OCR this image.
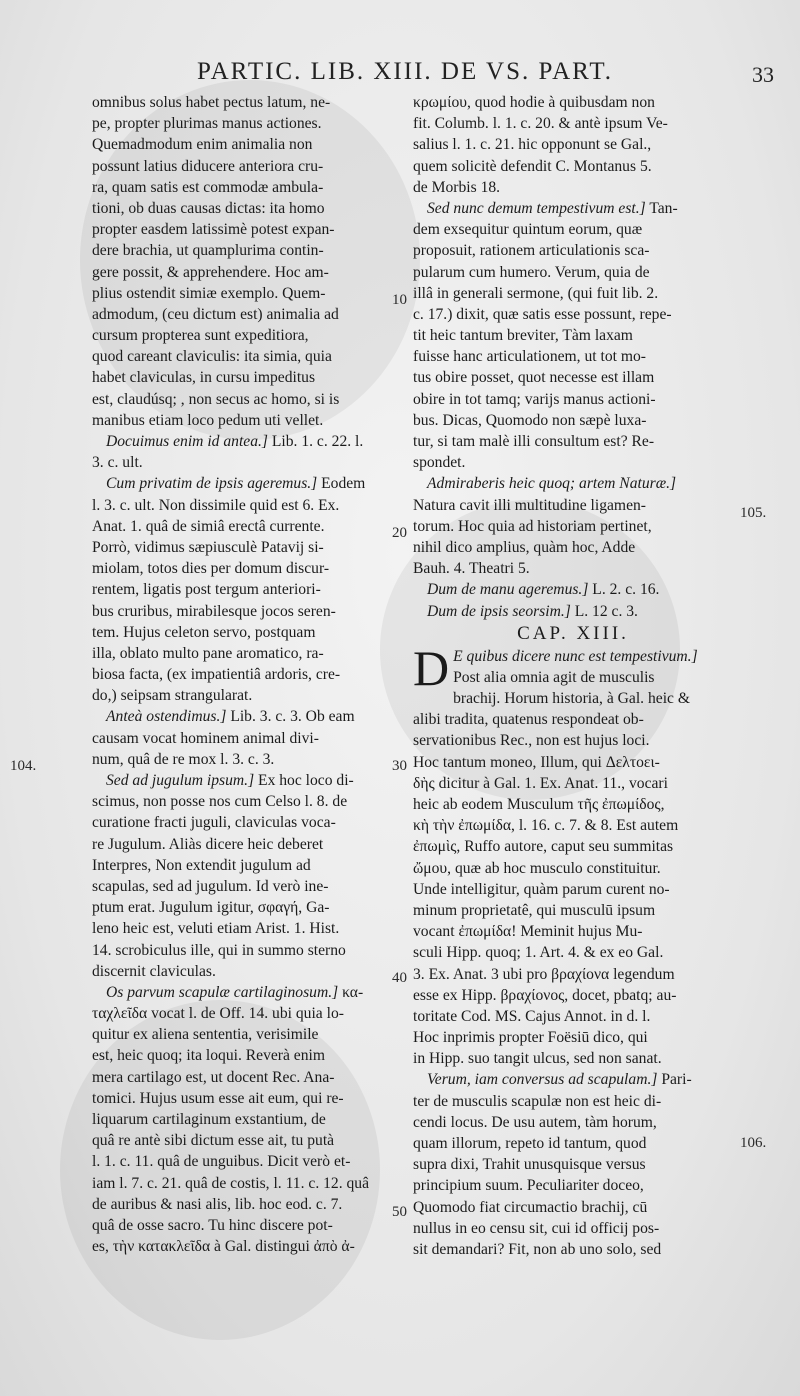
PARTIC. LIB. XIII. DE VS. PART.	33
omnibus solus habet pectus latum, ne-
pe, propter plurimas manus actiones.
Quemadmodum enim animalia non
possunt latius diducere anteriora cru-
ra, quam satis est commodæ ambula-
tioni, ob duas causas dictas: ita homo
propter easdem latissimè potest expan-
dere brachia, ut quamplurima contin-
gere possit, & apprehendere. Hoc am-
plius ostendit simiæ exemplo. Quem-
admodum, (ceu dictum est) animalia ad
cursum propterea sunt expeditiora,
quod careant claviculis: ita simia, quia
habet claviculas, in cursu impeditus
est, claudúsq; , non secus ac homo, si is
manibus etiam loco pedum uti vellet.
Docuimus enim id antea.] Lib. 1. c. 22. l.
3. c. ult.
Cum privatim de ipsis ageremus.] Eodem
l. 3. c. ult. Non dissimile quid est 6. Ex.
Anat. 1. quâ de simiâ erectâ currente.
Porrò, vidimus sæpiusculè Patavij si-
miolam, totos dies per domum discur-
rentem, ligatis post tergum anteriori-
bus cruribus, mirabilesque jocos seren-
tem. Hujus celeton servo, postquam
illa, oblato multo pane aromatico, ra-
biosa facta, (ex impatientiâ ardoris, cre-
do,) seipsam strangularat.
Anteà ostendimus.] Lib. 3. c. 3. Ob eam
causam vocat hominem animal divi-
num, quâ de re mox l. 3. c. 3.
Sed ad jugulum ipsum.] Ex hoc loco di-
scimus, non posse nos cum Celso l. 8. de
curatione fracti juguli, claviculas voca-
re Jugulum. Aliàs dicere heic deberet
Interpres, Non extendit jugulum ad
scapulas, sed ad jugulum. Id verò ine-
ptum erat. Jugulum igitur, σφαγή, Ga-
leno heic est, veluti etiam Arist. 1. Hist.
14. scrobiculus ille, qui in summo sterno
discernit claviculas.
Os parvum scapulæ cartilaginosum.] κα-
ταχλεῖδα vocat l. de Off. 14. ubi quia lo-
quitur ex aliena sententia, verisimile
est, heic quoq; ita loqui. Reverà enim
mera cartilago est, ut docent Rec. Ana-
tomici. Hujus usum esse ait eum, qui re-
liquarum cartilaginum exstantium, de
quâ re antè sibi dictum esse ait, tu putà
l. 1. c. 11. quâ de unguibus. Dicit verò et-
iam l. 7. c. 21. quâ de costis, l. 11. c. 12. quâ
de auribus & nasi alis, lib. hoc eod. c. 7.
quâ de osse sacro. Tu hinc discere pot-
es, τὴν κατακλεῖδα à Gal. distingui ἀπὸ ἀ-
κρωμίου, quod hodie à quibusdam non
fit. Columb. l. 1. c. 20. & antè ipsum Ve-
salius l. 1. c. 21. hic opponunt se Gal.,
quem solicitè defendit C. Montanus 5.
de Morbis 18.
Sed nunc demum tempestivum est.] Tan-
dem exsequitur quintum eorum, quæ
proposuit, rationem articulationis sca-
pularum cum humero. Verum, quia de
illâ in generali sermone, (qui fuit lib. 2.
c. 17.) dixit, quæ satis esse possunt, repe-
tit heic tantum breviter, Tàm laxam
fuisse hanc articulationem, ut tot mo-
tus obire posset, quot necesse est illam
obire in tot tamq; varijs manus actioni-
bus. Dicas, Quomodo non sæpè luxa-
tur, si tam malè illi consultum est? Re-
spondet.
Admiraberis heic quoq; artem Naturæ.]
Natura cavit illi multitudine ligamen-
torum. Hoc quia ad historiam pertinet,
nihil dico amplius, quàm hoc, Adde
Bauh. 4. Theatri 5.
Dum de manu ageremus.] L. 2. c. 16.
Dum de ipsis seorsim.] L. 12 c. 3.
CAP. XIII.
D E quibus dicere nunc est tempestivum.]
Post alia omnia agit de musculis
brachij. Horum historia, à Gal. heic &
alibi tradita, quatenus respondeat ob-
servationibus Rec., non est hujus loci.
Hoc tantum moneo, Illum, qui Δελτοει-
δὴς dicitur à Gal. 1. Ex. Anat. 11., vocari
heic ab eodem Musculum τῆς ἐπωμίδος,
κὴ τὴν ἐπωμίδα, l. 16. c. 7. & 8. Est autem
ἐπωμὶς, Ruffo autore, caput seu summitas
ὤμου, quæ ab hoc musculo constituitur.
Unde intelligitur, quàm parum curent no-
minum proprietatê, qui musculū ipsum
vocant ἐπωμίδα! Meminit hujus Mu-
sculi Hipp. quoq; 1. Art. 4. & ex eo Gal.
3. Ex. Anat. 3 ubi pro βραχίονα legendum
esse ex Hipp. βραχίονος, docet, pbatq; au-
toritate Cod. MS. Cajus Annot. in d. l.
Hoc inprimis propter Foësiū dico, qui
in Hipp. suo tangit ulcus, sed non sanat.
Verum, iam conversus ad scapulam.] Pari-
ter de musculis scapulæ non est heic di-
cendi locus. De usu autem, tàm horum,
quam illorum, repeto id tantum, quod
supra dixi, Trahit unusquisque versus
principium suum. Peculiariter doceo,
Quomodo fiat circumactio brachij, cū
nullus in eo censu sit, cui id officij pos-
sit demandari? Fit, non ab uno solo, sed
10
20
30
40
50
104.
105.
106.
